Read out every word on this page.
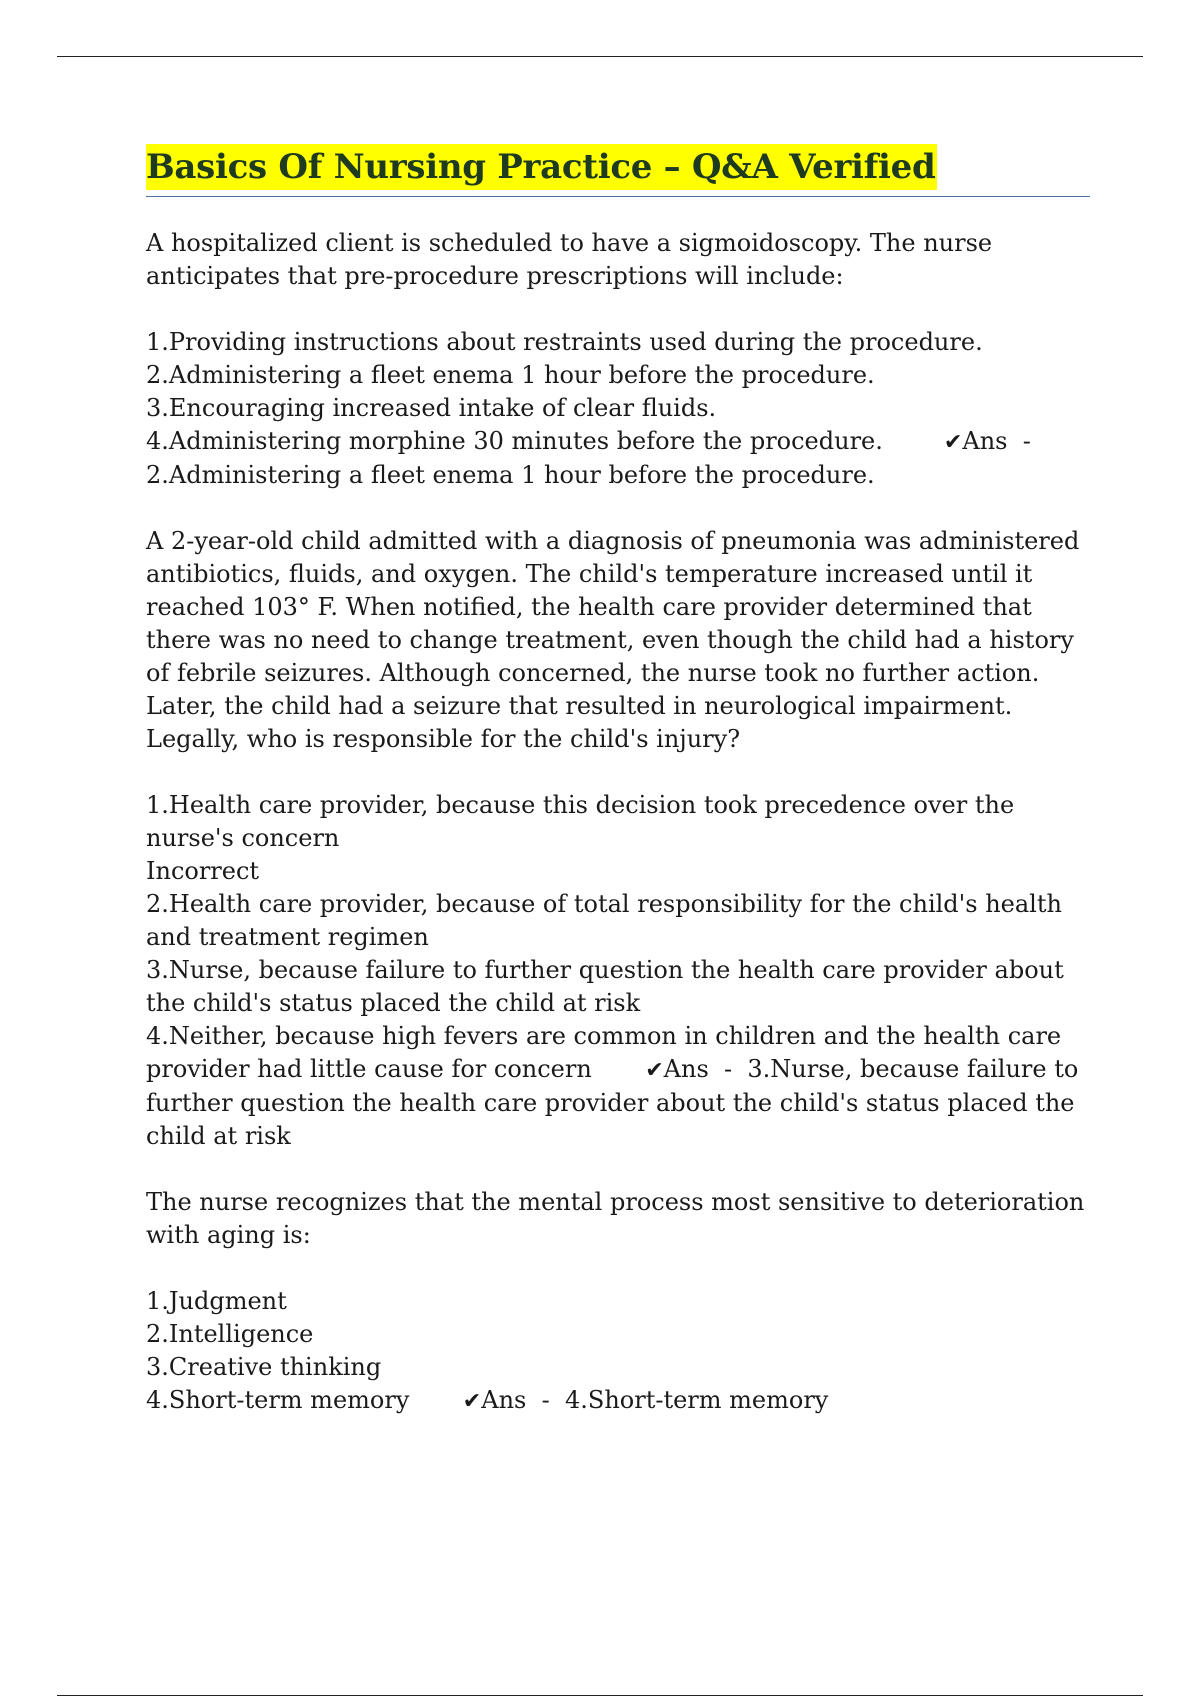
Basics Of Nursing Practice – Q&A Verified

A hospitalized client is scheduled to have a sigmoidoscopy. The nurse anticipates that pre-procedure prescriptions will include:

1.Providing instructions about restraints used during the procedure.

2.Administering a fleet enema 1 hour before the procedure.

3.Encouraging increased intake of clear fluids.

4.Administering morphine 30 minutes before the procedure.	✔Ans -

2.Administering a fleet enema 1 hour before the procedure.

A 2-year-old child admitted with a diagnosis of pneumonia was administered antibiotics, fluids, and oxygen. The child's temperature increased until it reached 103° F. When notified, the health care provider determined that there was no need to change treatment, even though the child had a history of febrile seizures. Although concerned, the nurse took no further action. Later, the child had a seizure that resulted in neurological impairment. Legally, who is responsible for the child's injury?

1.Health care provider, because this decision took precedence over the nurse's concern

Incorrect

2.Health care provider, because of total responsibility for the child's health and treatment regimen

3.Nurse, because failure to further question the health care provider about the child's status placed the child at risk

4.Neither, because high fevers are common in children and the health care provider had little cause for concern ✔Ans - 3.Nurse, because failure to further question the health care provider about the child's status placed the child at risk

The nurse recognizes that the mental process most sensitive to deterioration with aging is:

1.Judgment

2.Intelligence

3.Creative thinking

4.Short-term memory ✔Ans - 4.Short-term memory
